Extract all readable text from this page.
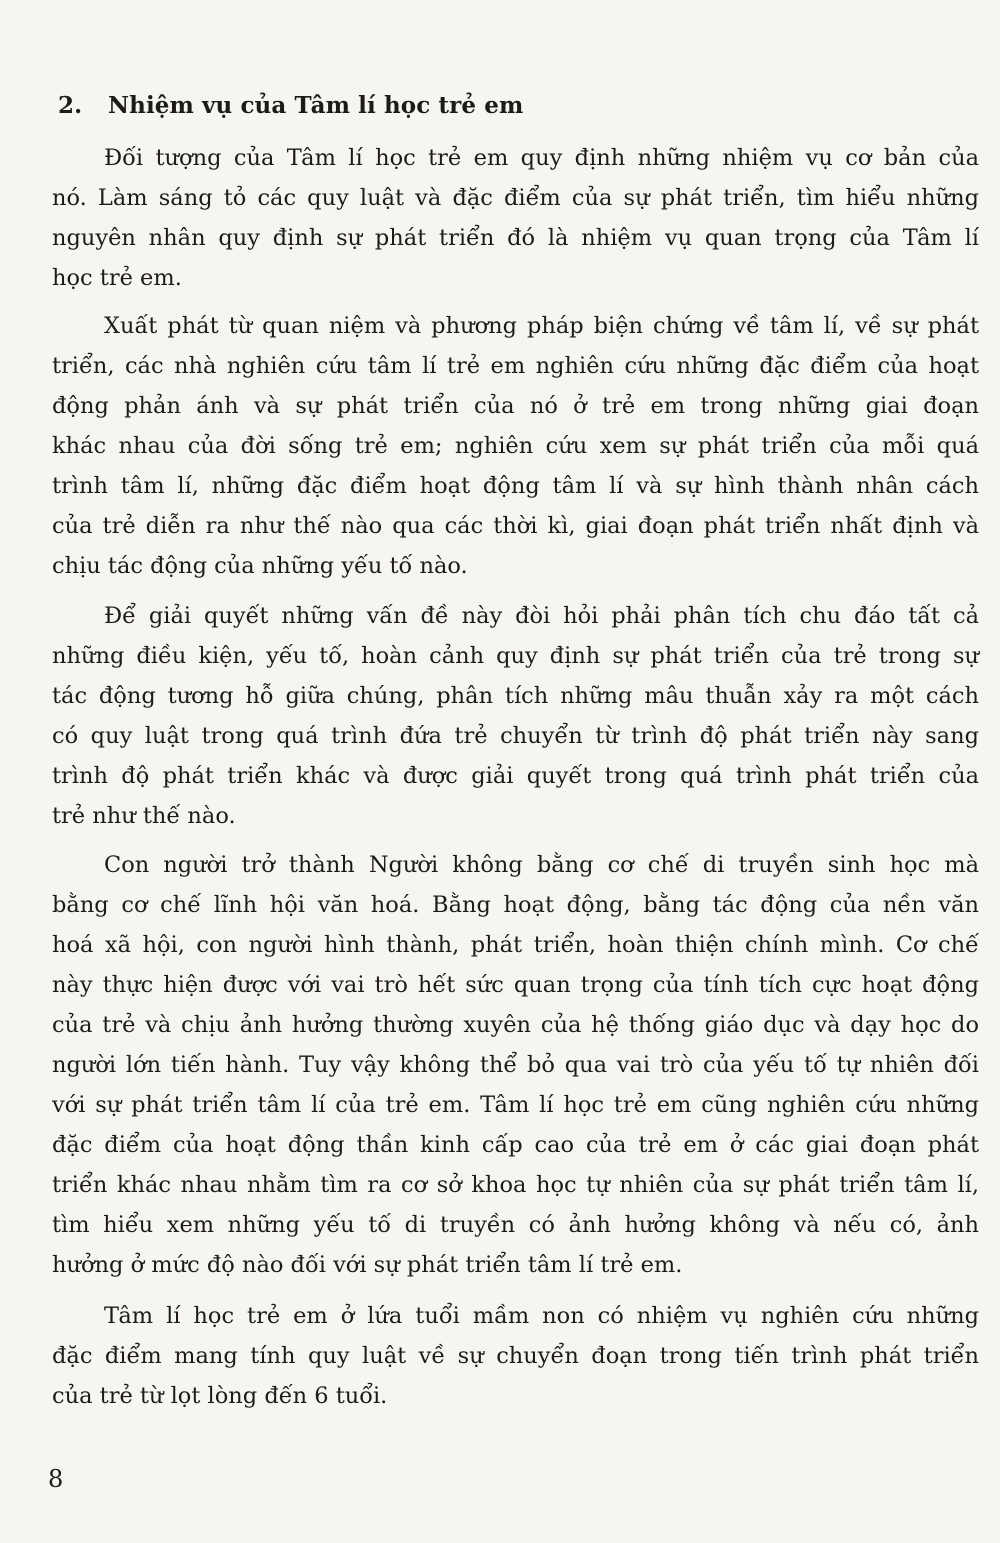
2. Nhiệm vụ của Tâm lí học trẻ em
Đối tượng của Tâm lí học trẻ em quy định những nhiệm vụ cơ bản của
nó. Làm sáng tỏ các quy luật và đặc điểm của sự phát triển, tìm hiểu những
nguyên nhân quy định sự phát triển đó là nhiệm vụ quan trọng của Tâm lí
học trẻ em.
Xuất phát từ quan niệm và phương pháp biện chứng về tâm lí, về sự phát
triển, các nhà nghiên cứu tâm lí trẻ em nghiên cứu những đặc điểm của hoạt
động phản ánh và sự phát triển của nó ở trẻ em trong những giai đoạn
khác nhau của đời sống trẻ em; nghiên cứu xem sự phát triển của mỗi quá
trình tâm lí, những đặc điểm hoạt động tâm lí và sự hình thành nhân cách
của trẻ diễn ra như thế nào qua các thời kì, giai đoạn phát triển nhất định và
chịu tác động của những yếu tố nào.
Để giải quyết những vấn đề này đòi hỏi phải phân tích chu đáo tất cả
những điều kiện, yếu tố, hoàn cảnh quy định sự phát triển của trẻ trong sự
tác động tương hỗ giữa chúng, phân tích những mâu thuẫn xảy ra một cách
có quy luật trong quá trình đứa trẻ chuyển từ trình độ phát triển này sang
trình độ phát triển khác và được giải quyết trong quá trình phát triển của
trẻ như thế nào.
Con người trở thành Người không bằng cơ chế di truyền sinh học mà
bằng cơ chế lĩnh hội văn hoá. Bằng hoạt động, bằng tác động của nền văn
hoá xã hội, con người hình thành, phát triển, hoàn thiện chính mình. Cơ chế
này thực hiện được với vai trò hết sức quan trọng của tính tích cực hoạt động
của trẻ và chịu ảnh hưởng thường xuyên của hệ thống giáo dục và dạy học do
người lớn tiến hành. Tuy vậy không thể bỏ qua vai trò của yếu tố tự nhiên đối
với sự phát triển tâm lí của trẻ em. Tâm lí học trẻ em cũng nghiên cứu những
đặc điểm của hoạt động thần kinh cấp cao của trẻ em ở các giai đoạn phát
triển khác nhau nhằm tìm ra cơ sở khoa học tự nhiên của sự phát triển tâm lí,
tìm hiểu xem những yếu tố di truyền có ảnh hưởng không và nếu có, ảnh
hưởng ở mức độ nào đối với sự phát triển tâm lí trẻ em.
Tâm lí học trẻ em ở lứa tuổi mầm non có nhiệm vụ nghiên cứu những
đặc điểm mang tính quy luật về sự chuyển đoạn trong tiến trình phát triển
của trẻ từ lọt lòng đến 6 tuổi.
8
